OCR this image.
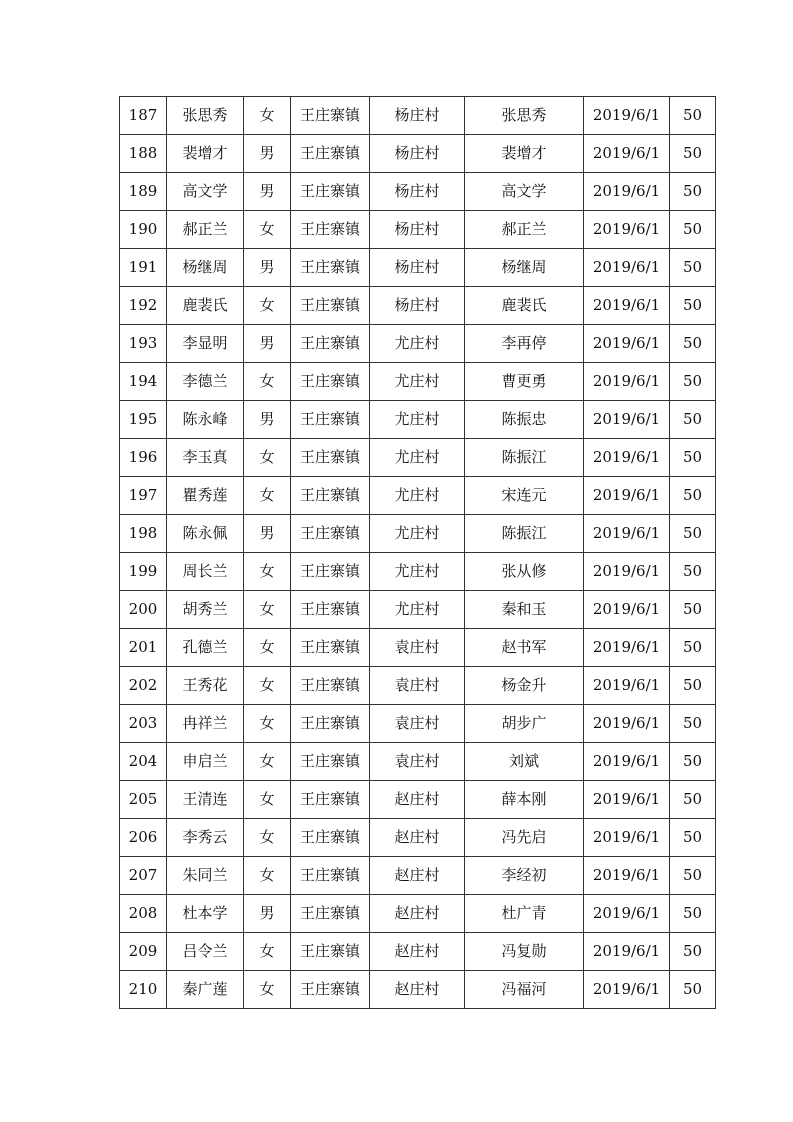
187	张思秀	女	王庄寨镇	杨庄村	张思秀	2019/6/1	50
188	裴增才	男	王庄寨镇	杨庄村	裴增才	2019/6/1	50
189	高文学	男	王庄寨镇	杨庄村	高文学	2019/6/1	50
190	郝正兰	女	王庄寨镇	杨庄村	郝正兰	2019/6/1	50
191	杨继周	男	王庄寨镇	杨庄村	杨继周	2019/6/1	50
192	鹿裴氏	女	王庄寨镇	杨庄村	鹿裴氏	2019/6/1	50
193	李显明	男	王庄寨镇	尤庄村	李再停	2019/6/1	50
194	李德兰	女	王庄寨镇	尤庄村	曹更勇	2019/6/1	50
195	陈永峰	男	王庄寨镇	尤庄村	陈振忠	2019/6/1	50
196	李玉真	女	王庄寨镇	尤庄村	陈振江	2019/6/1	50
197	瞿秀莲	女	王庄寨镇	尤庄村	宋连元	2019/6/1	50
198	陈永佩	男	王庄寨镇	尤庄村	陈振江	2019/6/1	50
199	周长兰	女	王庄寨镇	尤庄村	张从修	2019/6/1	50
200	胡秀兰	女	王庄寨镇	尤庄村	秦和玉	2019/6/1	50
201	孔德兰	女	王庄寨镇	袁庄村	赵书军	2019/6/1	50
202	王秀花	女	王庄寨镇	袁庄村	杨金升	2019/6/1	50
203	冉祥兰	女	王庄寨镇	袁庄村	胡步广	2019/6/1	50
204	申启兰	女	王庄寨镇	袁庄村	刘斌	2019/6/1	50
205	王清连	女	王庄寨镇	赵庄村	薛本刚	2019/6/1	50
206	李秀云	女	王庄寨镇	赵庄村	冯先启	2019/6/1	50
207	朱同兰	女	王庄寨镇	赵庄村	李经初	2019/6/1	50
208	杜本学	男	王庄寨镇	赵庄村	杜广青	2019/6/1	50
209	吕令兰	女	王庄寨镇	赵庄村	冯复勋	2019/6/1	50
210	秦广莲	女	王庄寨镇	赵庄村	冯福河	2019/6/1	50
